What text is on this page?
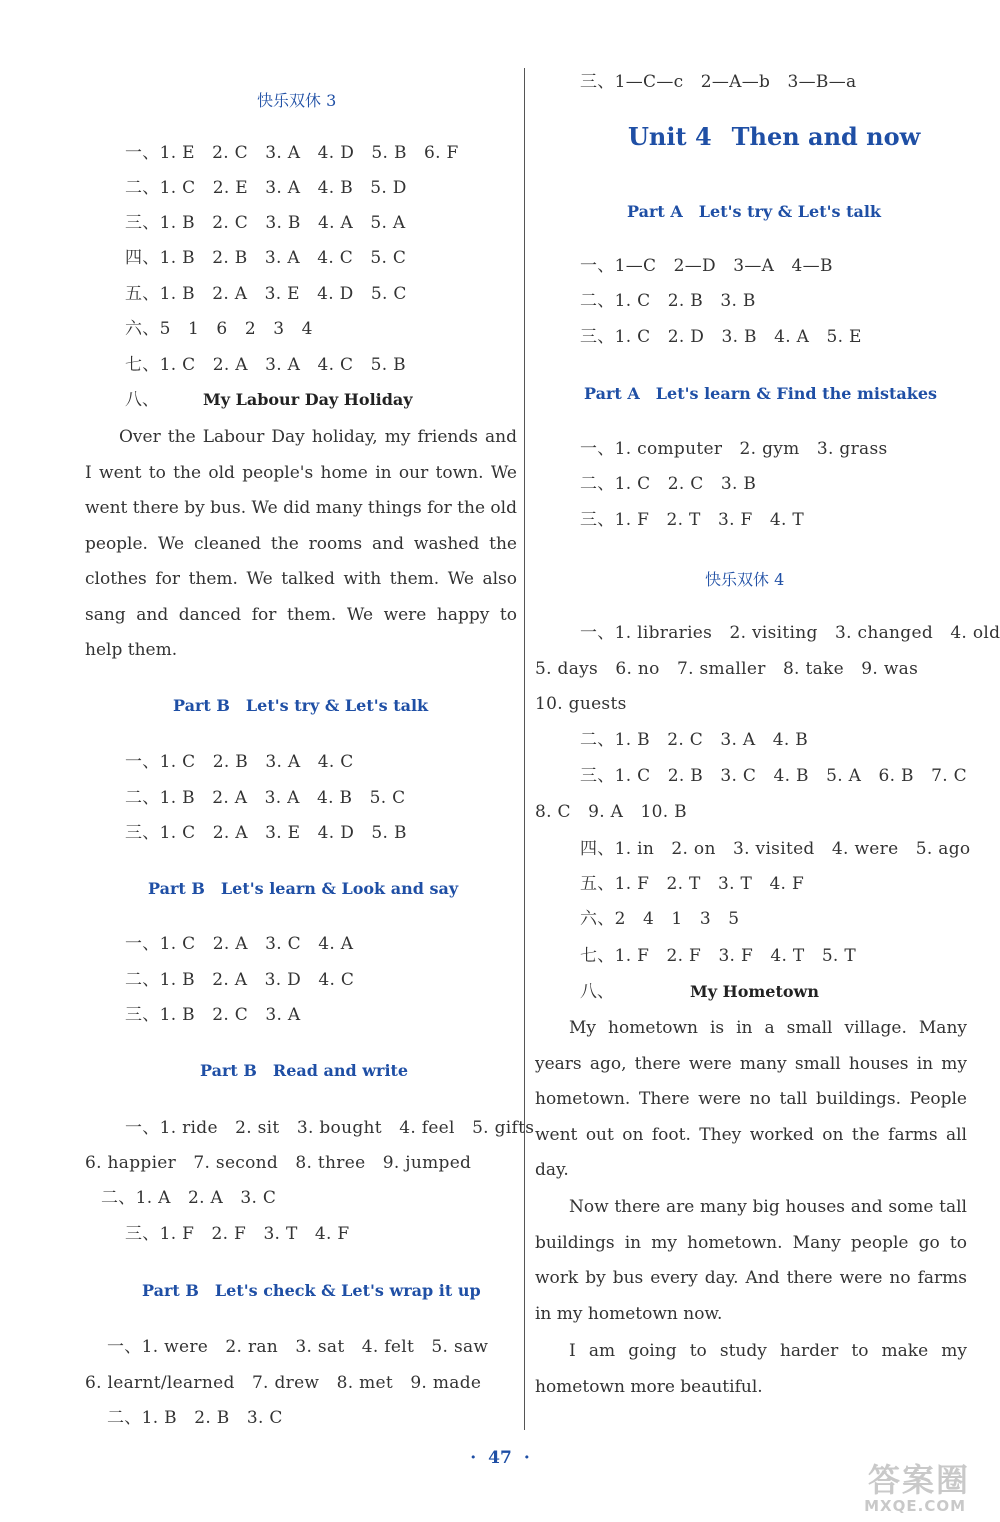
快乐双休 3
一、1. E　2. C　3. A　4. D　5. B　6. F
二、1. C　2. E　3. A　4. B　5. D
三、1. B　2. C　3. B　4. A　5. A
四、1. B　2. B　3. A　4. C　5. C
五、1. B　2. A　3. E　4. D　5. C
六、5　1　6　2　3　4
七、1. C　2. A　3. A　4. C　5. B
八、	My Labour Day Holiday
Over the Labour Day holiday, my friends and I went to the old people's home in our town. We went there by bus. We did many things for the old people. We cleaned the rooms and washed the clothes for them. We talked with them. We also sang and danced for them. We were happy to help them.
Part B Let's try & Let's talk
一、1. C　2. B　3. A　4. C
二、1. B　2. A　3. A　4. B　5. C
三、1. C　2. A　3. E　4. D　5. B
Part B Let's learn & Look and say
一、1. C　2. A　3. C　4. A
二、1. B　2. A　3. D　4. C
三、1. B　2. C　3. A
Part B Read and write
一、1. ride　2. sit　3. bought　4. feel　5. gifts
6. happier　7. second　8. three　9. jumped
二、1. A　2. A　3. C
三、1. F　2. F　3. T　4. F
Part B Let's check & Let's wrap it up
一、1. were　2. ran　3. sat　4. felt　5. saw
6. learnt/learned　7. drew　8. met　9. made
二、1. B　2. B　3. C
三、1—C—c　2—A—b　3—B—a
Unit 4 Then and now
Part A Let's try & Let's talk
一、1—C　2—D　3—A　4—B
二、1. C　2. B　3. B
三、1. C　2. D　3. B　4. A　5. E
Part A Let's learn & Find the mistakes
一、1. computer　2. gym　3. grass
二、1. C　2. C　3. B
三、1. F　2. T　3. F　4. T
快乐双休 4
一、1. libraries　2. visiting　3. changed　4. old
5. days　6. no　7. smaller　8. take　9. was
10. guests
二、1. B　2. C　3. A　4. B
三、1. C　2. B　3. C　4. B　5. A　6. B　7. C
8. C　9. A　10. B
四、1. in　2. on　3. visited　4. were　5. ago
五、1. F　2. T　3. T　4. F
六、2　4　1　3　5
七、1. F　2. F　3. F　4. T　5. T
八、	My Hometown
My hometown is in a small village. Many years ago, there were many small houses in my hometown. There were no tall buildings. People went out on foot. They worked on the farms all day.
Now there are many big houses and some tall buildings in my hometown. Many people go to work by bus every day. And there were no farms in my hometown now.
I am going to study harder to make my hometown more beautiful.
· 47 ·
答案圈
MXQE.COM
